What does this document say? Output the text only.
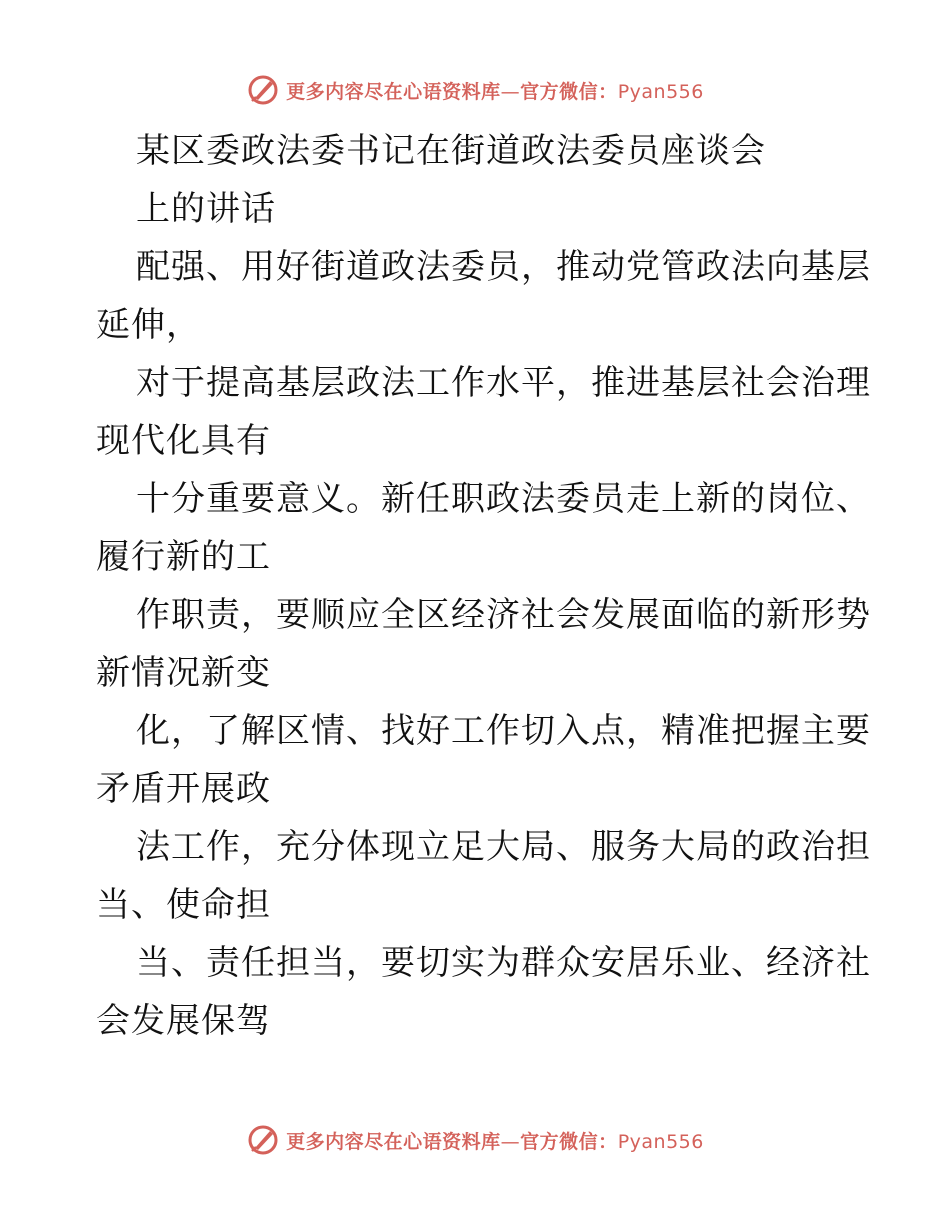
更多内容尽在心语资料库—官方微信：Pyan556
某区委政法委书记在街道政法委员座谈会
上的讲话
配强、用好街道政法委员，推动党管政法向基层
延伸，
对于提高基层政法工作水平，推进基层社会治理
现代化具有
十分重要意义。新任职政法委员走上新的岗位、
履行新的工
作职责，要顺应全区经济社会发展面临的新形势
新情况新变
化，了解区情、找好工作切入点，精准把握主要
矛盾开展政
法工作，充分体现立足大局、服务大局的政治担
当、使命担
当、责任担当，要切实为群众安居乐业、经济社
会发展保驾
更多内容尽在心语资料库—官方微信：Pyan556
